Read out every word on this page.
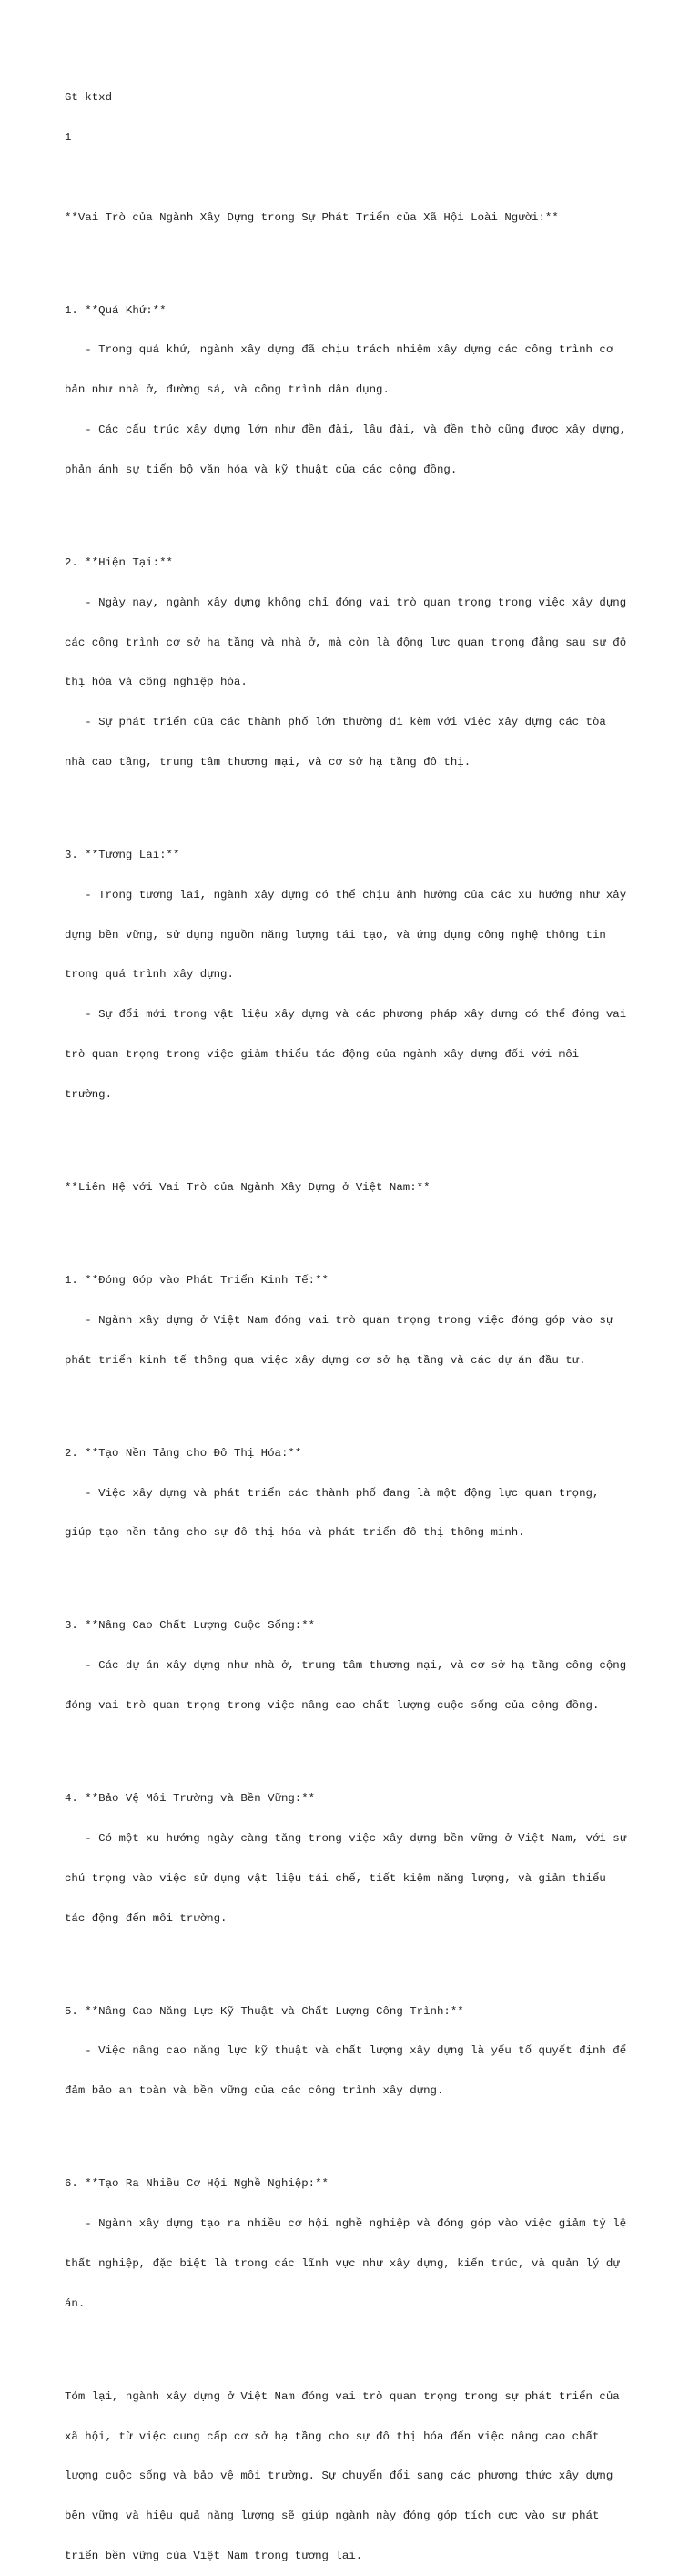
Gt ktxd

1

**Vai Trò của Ngành Xây Dựng trong Sự Phát Triển của Xã Hội Loài Người:**

1. **Quá Khứ:**

- Trong quá khứ, ngành xây dựng đã chịu trách nhiệm xây dựng các công trình cơ

bản như nhà ở, đường sá, và công trình dân dụng.

- Các cấu trúc xây dựng lớn như đền đài, lâu đài, và đền thờ cũng được xây dựng,

phản ánh sự tiến bộ văn hóa và kỹ thuật của các cộng đồng.

2. **Hiện Tại:**

- Ngày nay, ngành xây dựng không chỉ đóng vai trò quan trọng trong việc xây dựng

các công trình cơ sở hạ tầng và nhà ở, mà còn là động lực quan trọng đằng sau sự đô

thị hóa và công nghiệp hóa.

- Sự phát triển của các thành phố lớn thường đi kèm với việc xây dựng các tòa

nhà cao tầng, trung tâm thương mại, và cơ sở hạ tầng đô thị.

3. **Tương Lai:**

- Trong tương lai, ngành xây dựng có thể chịu ảnh hưởng của các xu hướng như xây

dựng bền vững, sử dụng nguồn năng lượng tái tạo, và ứng dụng công nghệ thông tin

trong quá trình xây dựng.

- Sự đổi mới trong vật liệu xây dựng và các phương pháp xây dựng có thể đóng vai

trò quan trọng trong việc giảm thiểu tác động của ngành xây dựng đối với môi

trường.

**Liên Hệ với Vai Trò của Ngành Xây Dựng ở Việt Nam:**

1. **Đóng Góp vào Phát Triển Kinh Tế:**

- Ngành xây dựng ở Việt Nam đóng vai trò quan trọng trong việc đóng góp vào sự

phát triển kinh tế thông qua việc xây dựng cơ sở hạ tầng và các dự án đầu tư.

2. **Tạo Nền Tảng cho Đô Thị Hóa:**

- Việc xây dựng và phát triển các thành phố đang là một động lực quan trọng,

giúp tạo nền tảng cho sự đô thị hóa và phát triển đô thị thông minh.

3. **Nâng Cao Chất Lượng Cuộc Sống:**

- Các dự án xây dựng như nhà ở, trung tâm thương mại, và cơ sở hạ tầng công cộng

đóng vai trò quan trọng trong việc nâng cao chất lượng cuộc sống của cộng đồng.

4. **Bảo Vệ Môi Trường và Bền Vững:**

- Có một xu hướng ngày càng tăng trong việc xây dựng bền vững ở Việt Nam, với sự

chú trọng vào việc sử dụng vật liệu tái chế, tiết kiệm năng lượng, và giảm thiểu

tác động đến môi trường.

5. **Nâng Cao Năng Lực Kỹ Thuật và Chất Lượng Công Trình:**

- Việc nâng cao năng lực kỹ thuật và chất lượng xây dựng là yếu tố quyết định để

đảm bảo an toàn và bền vững của các công trình xây dựng.

6. **Tạo Ra Nhiều Cơ Hội Nghề Nghiệp:**

- Ngành xây dựng tạo ra nhiều cơ hội nghề nghiệp và đóng góp vào việc giảm tỷ lệ

thất nghiệp, đặc biệt là trong các lĩnh vực như xây dựng, kiến trúc, và quản lý dự

án.

Tóm lại, ngành xây dựng ở Việt Nam đóng vai trò quan trọng trong sự phát triển của

xã hội, từ việc cung cấp cơ sở hạ tầng cho sự đô thị hóa đến việc nâng cao chất

lượng cuộc sống và bảo vệ môi trường. Sự chuyển đổi sang các phương thức xây dựng

bền vững và hiệu quả năng lượng sẽ giúp ngành này đóng góp tích cực vào sự phát

triển bền vững của Việt Nam trong tương lai.
